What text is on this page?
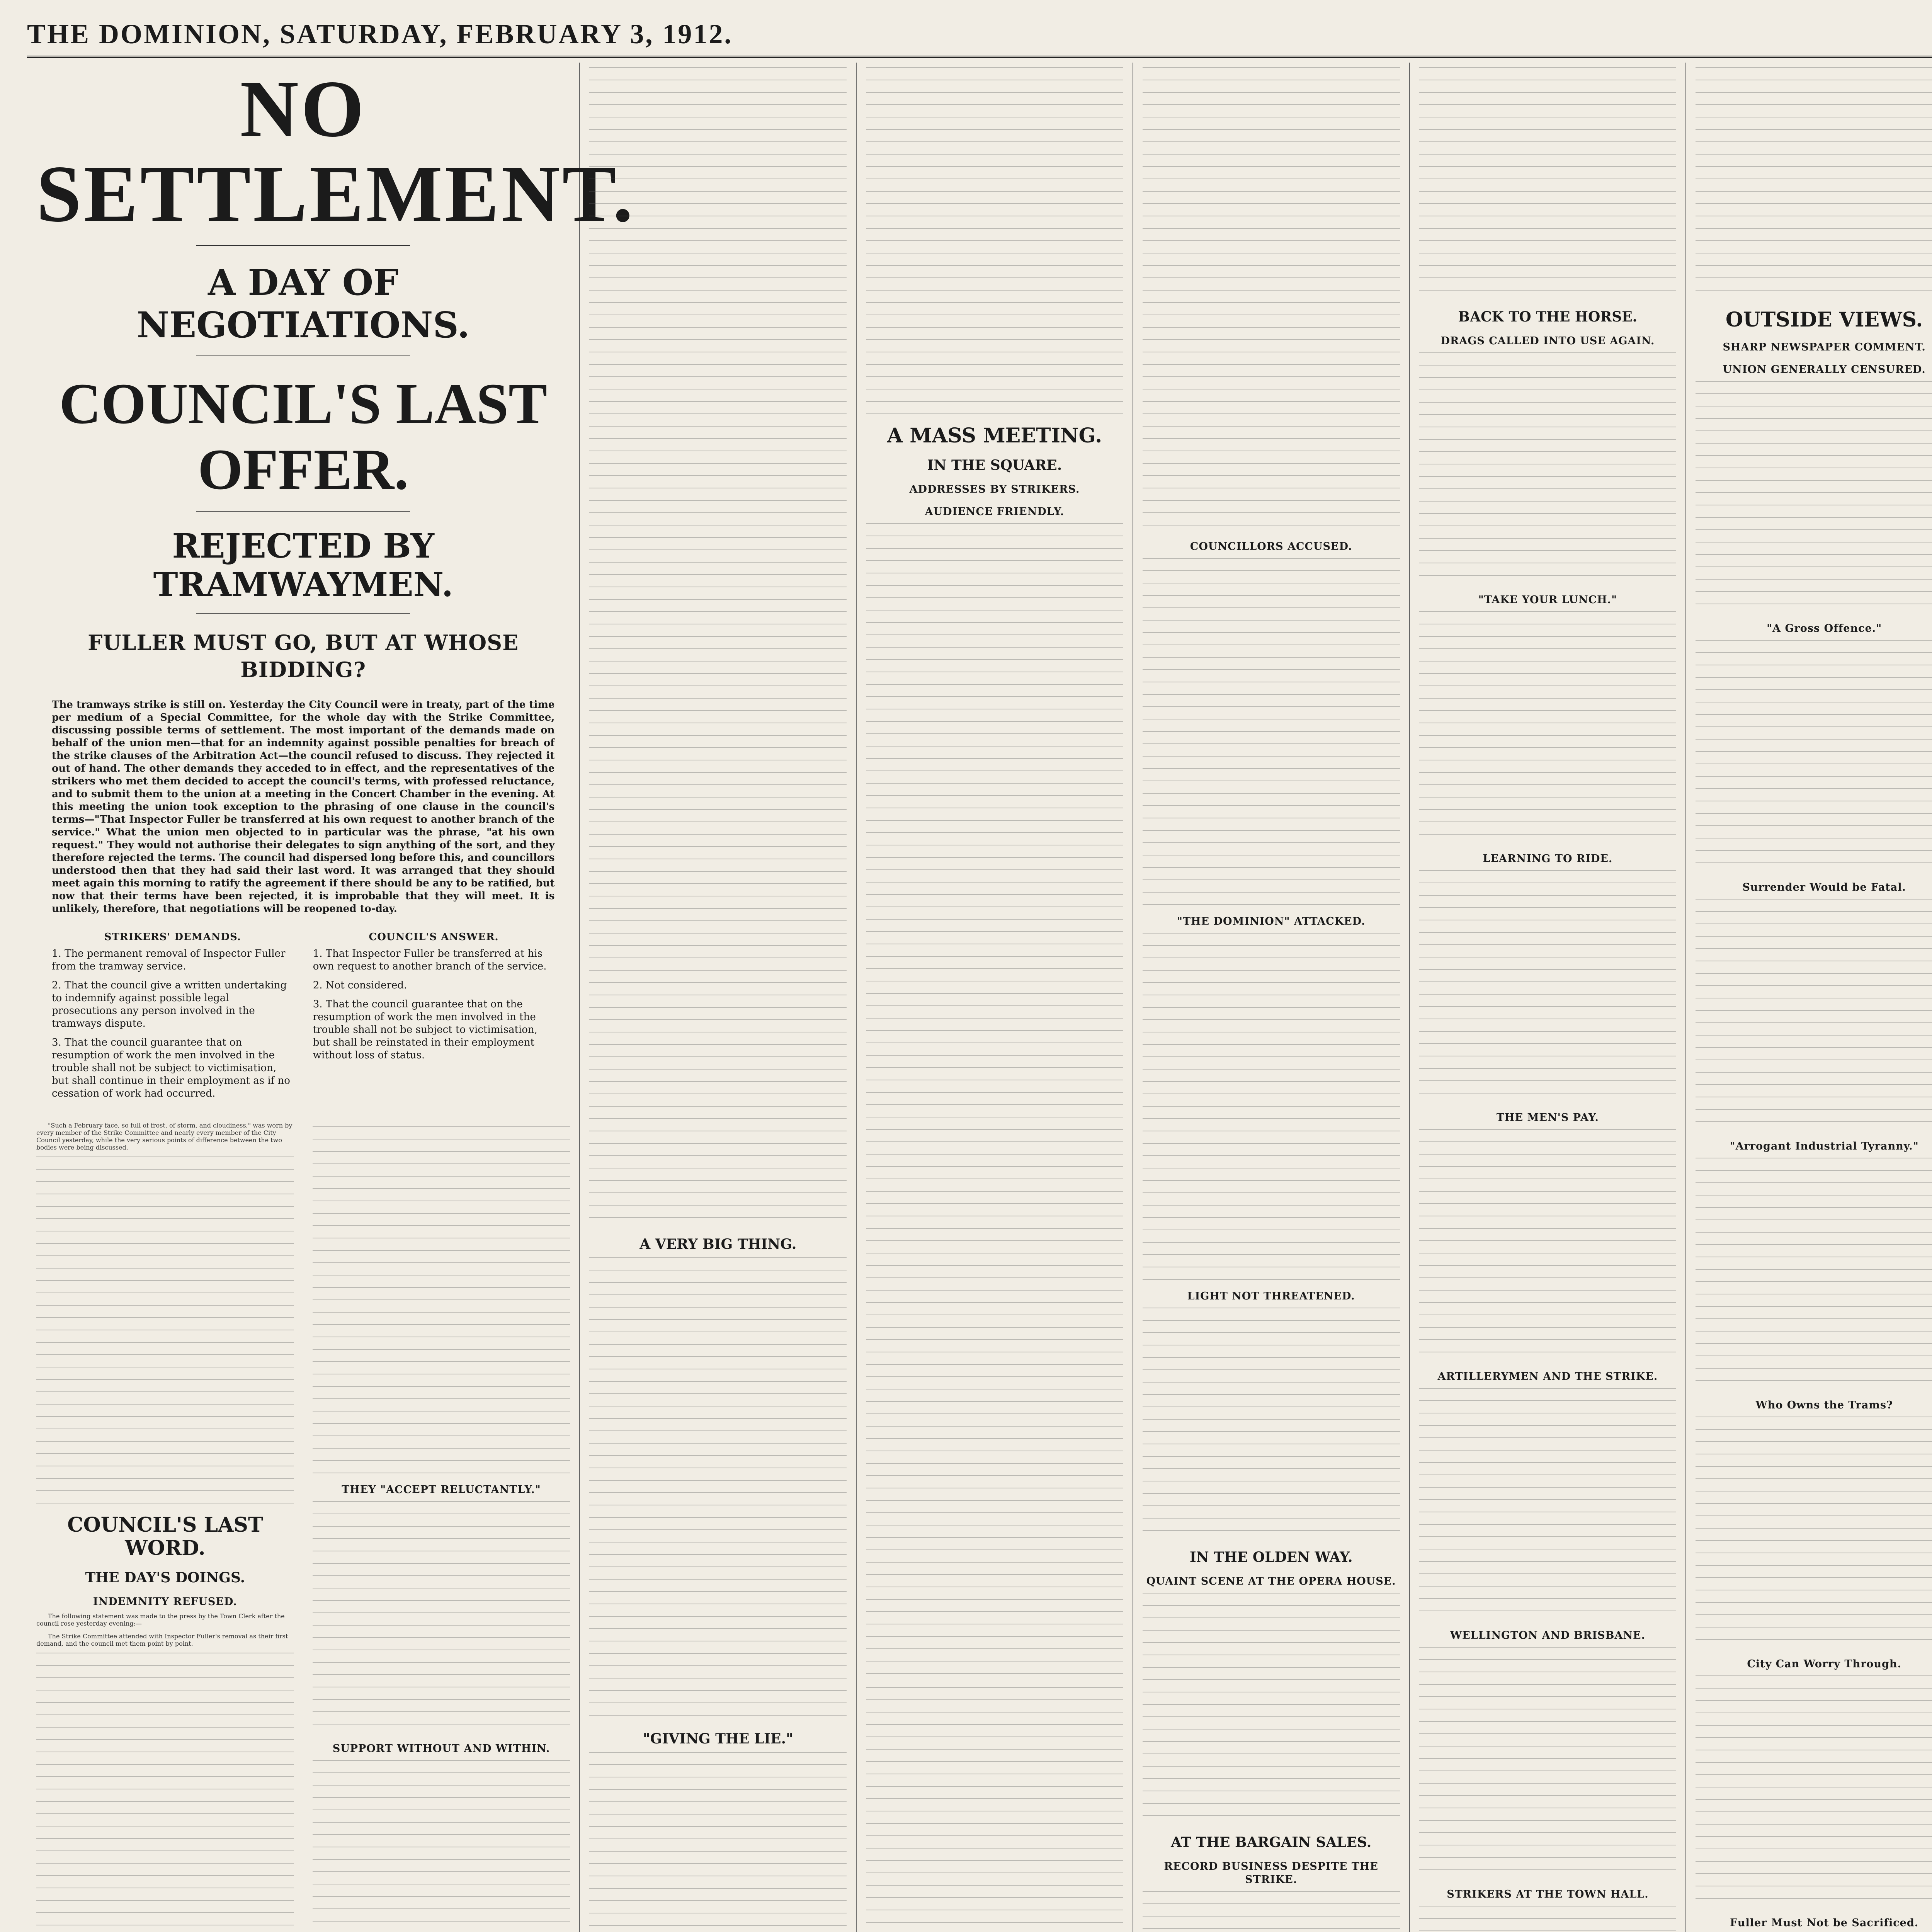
THE DOMINION, SATURDAY, FEBRUARY 3, 1912.
NO SETTLEMENT.
A DAY OF NEGOTIATIONS.
COUNCIL'S LAST OFFER.
REJECTED BY TRAMWAYMEN.
FULLER MUST GO, BUT AT WHOSE BIDDING?
The tramways strike is still on. Yesterday the City Council were in treaty, part of the time per medium of a Special Committee, for the whole day with the Strike Committee, discussing possible terms of settlement. The most important of the demands made on behalf of the union men—that for an indemnity against possible penalties for breach of the strike clauses of the Arbitration Act—the council refused to discuss. They rejected it out of hand. The other demands they acceded to in effect, and the representatives of the strikers who met them decided to accept the council's terms, with professed reluctance, and to submit them to the union at a meeting in the Concert Chamber in the evening. At this meeting the union took exception to the phrasing of one clause in the council's terms—"That Inspector Fuller be transferred at his own request to another branch of the service." What the union men objected to in particular was the phrase, "at his own request." They would not authorise their delegates to sign anything of the sort, and they therefore rejected the terms. The council had dispersed long before this, and councillors understood then that they had said their last word. It was arranged that they should meet again this morning to ratify the agreement if there should be any to be ratified, but now that their terms have been rejected, it is improbable that they will meet. It is unlikely, therefore, that negotiations will be reopened to-day.
STRIKERS' DEMANDS.

1. The permanent removal of Inspector Fuller from the tramway service.

2. That the council give a written undertaking to indemnify against possible legal prosecutions any person involved in the tramways dispute.

3. That the council guarantee that on resumption of work the men involved in the trouble shall not be subject to victimisation, but shall continue in their employment as if no cessation of work had occurred.

COUNCIL'S ANSWER.

1. That Inspector Fuller be transferred at his own request to another branch of the service.

2. Not considered.

3. That the council guarantee that on the resumption of work the men involved in the trouble shall not be subject to victimisation, but shall be reinstated in their employment without loss of status.

"Such a February face, so full of frost, of storm, and cloudiness," was worn by every member of the Strike Committee and nearly every member of the City Council yesterday, while the very serious points of difference between the two bodies were being discussed.

COUNCIL'S LAST WORD.
THE DAY'S DOINGS.
INDEMNITY REFUSED.

The following statement was made to the press by the Town Clerk after the council rose yesterday evening:—

The Strike Committee attended with Inspector Fuller's removal as their first demand, and the council met them point by point.

THEY "ACCEPT RELUCTANTLY."
SUPPORT WITHOUT AND WITHIN.

A VERY BIG THING.
"GIVING THE LIE."
A MASS MEETING.
IN THE SQUARE.
ADDRESSES BY STRIKERS.
AUDIENCE FRIENDLY.
COUNCILLORS ACCUSED.
"THE DOMINION" ATTACKED.
LIGHT NOT THREATENED.
IN THE OLDEN WAY.
QUAINT SCENE AT THE OPERA HOUSE.
AT THE BARGAIN SALES.
RECORD BUSINESS DESPITE THE STRIKE.
BACK TO THE HORSE.
DRAGS CALLED INTO USE AGAIN.
"TAKE YOUR LUNCH."
LEARNING TO RIDE.
THE MEN'S PAY.
ARTILLERYMEN AND THE STRIKE.
WELLINGTON AND BRISBANE.
STRIKERS AT THE TOWN HALL.
OUTSIDE VIEWS.
SHARP NEWSPAPER COMMENT.
UNION GENERALLY CENSURED.
"A Gross Offence."
Surrender Would be Fatal.
"Arrogant Industrial Tyranny."
Who Owns the Trams?
City Can Worry Through.
Fuller Must Not be Sacrificed.
